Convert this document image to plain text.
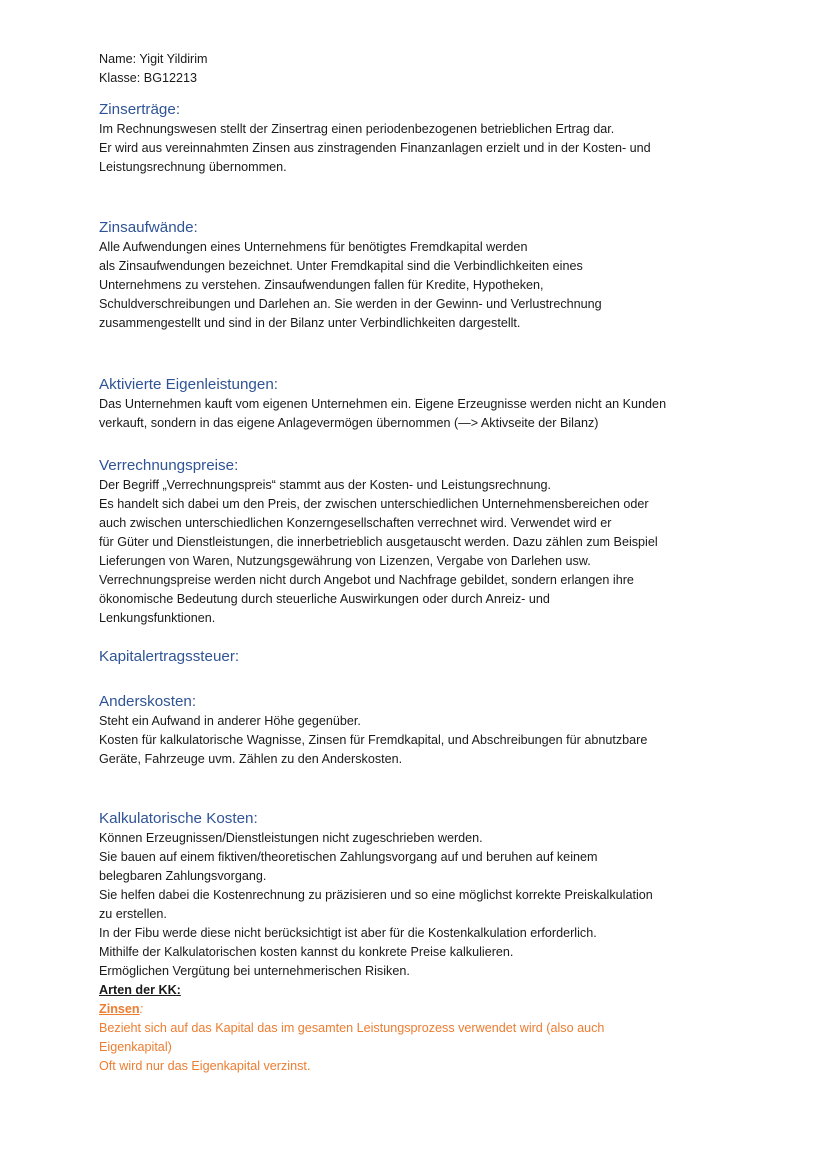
Name: Yigit Yildirim
Klasse: BG12213
Zinserträge:
Im Rechnungswesen stellt der Zinsertrag einen periodenbezogenen betrieblichen Ertrag dar.
Er wird aus vereinnahmten Zinsen aus zinstragenden Finanzanlagen erzielt und in der Kosten- und
Leistungsrechnung übernommen.
Zinsaufwände:
Alle Aufwendungen eines Unternehmens für benötigtes Fremdkapital werden
als Zinsaufwendungen bezeichnet. Unter Fremdkapital sind die Verbindlichkeiten eines
Unternehmens zu verstehen. Zinsaufwendungen fallen für Kredite, Hypotheken,
Schuldverschreibungen und Darlehen an. Sie werden in der Gewinn- und Verlustrechnung
zusammengestellt und sind in der Bilanz unter Verbindlichkeiten dargestellt.
Aktivierte Eigenleistungen:
Das Unternehmen kauft vom eigenen Unternehmen ein. Eigene Erzeugnisse werden nicht an Kunden
verkauft, sondern in das eigene Anlagevermögen übernommen (—> Aktivseite der Bilanz)
Verrechnungspreise:
Der Begriff „Verrechnungspreis“ stammt aus der Kosten- und Leistungsrechnung.
Es handelt sich dabei um den Preis, der zwischen unterschiedlichen Unternehmensbereichen oder
auch zwischen unterschiedlichen Konzerngesellschaften verrechnet wird. Verwendet wird er
für Güter und Dienstleistungen, die innerbetrieblich ausgetauscht werden. Dazu zählen zum Beispiel
Lieferungen von Waren, Nutzungsgewährung von Lizenzen, Vergabe von Darlehen usw.
Verrechnungspreise werden nicht durch Angebot und Nachfrage gebildet, sondern erlangen ihre
ökonomische Bedeutung durch steuerliche Auswirkungen oder durch Anreiz- und
Lenkungsfunktionen.
Kapitalertragssteuer:
Anderskosten:
Steht ein Aufwand in anderer Höhe gegenüber.
Kosten für kalkulatorische Wagnisse, Zinsen für Fremdkapital, und Abschreibungen für abnutzbare
Geräte, Fahrzeuge uvm. Zählen zu den Anderskosten.
Kalkulatorische Kosten:
Können Erzeugnissen/Dienstleistungen nicht zugeschrieben werden.
Sie bauen auf einem fiktiven/theoretischen Zahlungsvorgang auf und beruhen auf keinem
belegbaren Zahlungsvorgang.
Sie helfen dabei die Kostenrechnung zu präzisieren und so eine möglichst korrekte Preiskalkulation
zu erstellen.
In der Fibu werde diese nicht berücksichtigt ist aber für die Kostenkalkulation erforderlich.
Mithilfe der Kalkulatorischen kosten kannst du konkrete Preise kalkulieren.
Ermöglichen Vergütung bei unternehmerischen Risiken.
Arten der KK:
Zinsen:
Bezieht sich auf das Kapital das im gesamten Leistungsprozess verwendet wird (also auch
Eigenkapital)
Oft wird nur das Eigenkapital verzinst.
